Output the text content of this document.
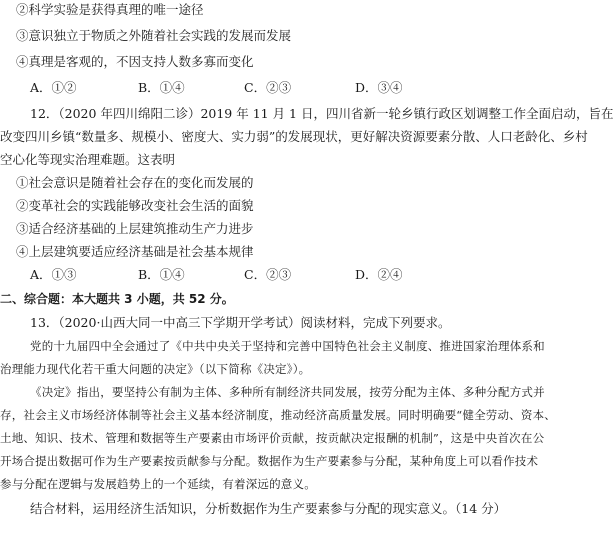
②科学实验是获得真理的唯一途径
③意识独立于物质之外随着社会实践的发展而发展
④真理是客观的，不因支持人数多寡而变化
A．①②	B．①④	C．②③	D．③④
12．（2020 年四川绵阳二诊）2019 年 11 月 1 日，四川省新一轮乡镇行政区划调整工作全面启动，旨在
改变四川乡镇“数量多、规模小、密度大、实力弱”的发展现状，更好解决资源要素分散、人口老龄化、乡村
空心化等现实治理难题。这表明
①社会意识是随着社会存在的变化而发展的
②变革社会的实践能够改变社会生活的面貌
③适合经济基础的上层建筑推动生产力进步
④上层建筑要适应经济基础是社会基本规律
A．①③	B．①④	C．②③	D．②④
二、综合题：本大题共 3 小题，共 52 分。
13．（2020·山西大同一中高三下学期开学考试）阅读材料，完成下列要求。
党的十九届四中全会通过了《中共中央关于坚持和完善中国特色社会主义制度、推进国家治理体系和
治理能力现代化若干重大问题的决定》（以下简称《决定》）。
《决定》指出，要坚持公有制为主体、多种所有制经济共同发展，按劳分配为主体、多种分配方式并
存，社会主义市场经济体制等社会主义基本经济制度，推动经济高质量发展。同时明确要“健全劳动、资本、
土地、知识、技术、管理和数据等生产要素由市场评价贡献，按贡献决定报酬的机制”，这是中央首次在公
开场合提出数据可作为生产要素按贡献参与分配。数据作为生产要素参与分配，某种角度上可以看作技术
参与分配在逻辑与发展趋势上的一个延续，有着深远的意义。
结合材料，运用经济生活知识，分析数据作为生产要素参与分配的现实意义。（14 分）
